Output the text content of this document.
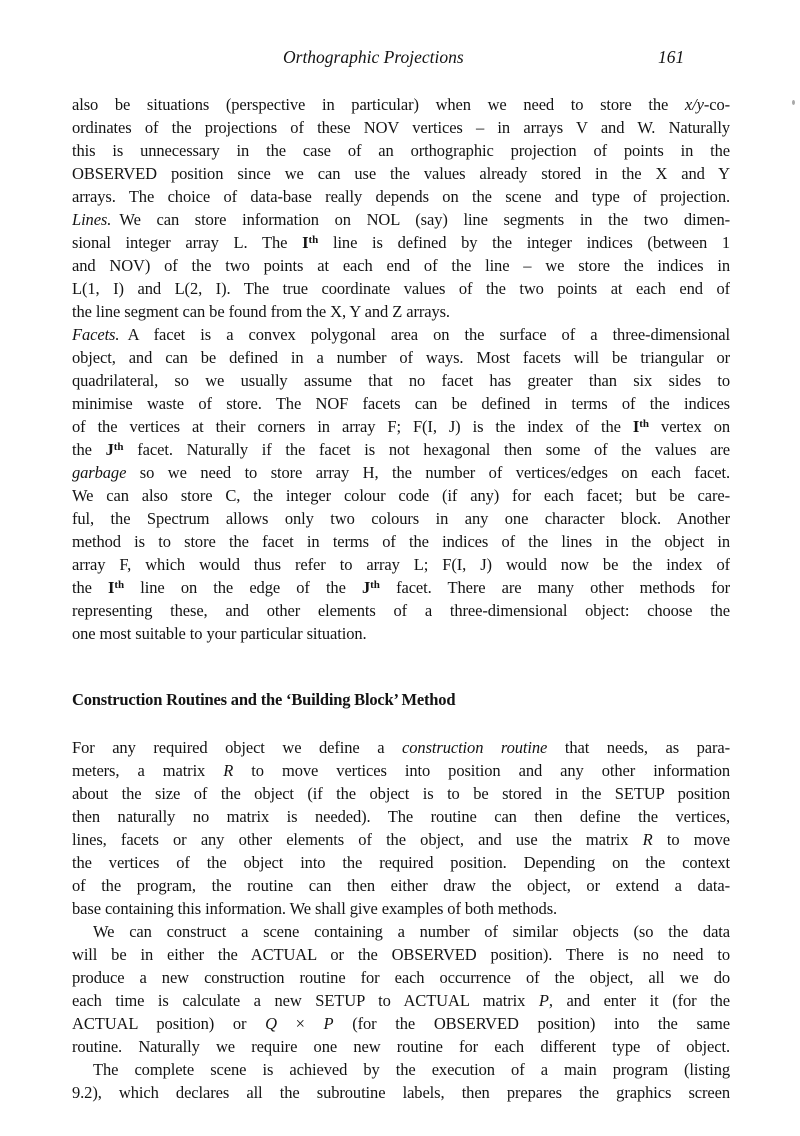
Orthographic Projections	161
also be situations (perspective in particular) when we need to store the x/y-co-
ordinates of the projections of these NOV vertices – in arrays V and W. Naturally
this is unnecessary in the case of an orthographic projection of points in the
OBSERVED position since we can use the values already stored in the X and Y
arrays. The choice of data-base really depends on the scene and type of projection.
Lines. We can store information on NOL (say) line segments in the two dimen-
sional integer array L. The Ith line is defined by the integer indices (between 1
and NOV) of the two points at each end of the line – we store the indices in
L(1, I) and L(2, I). The true coordinate values of the two points at each end of
the line segment can be found from the X, Y and Z arrays.
Facets. A facet is a convex polygonal area on the surface of a three-dimensional
object, and can be defined in a number of ways. Most facets will be triangular or
quadrilateral, so we usually assume that no facet has greater than six sides to
minimise waste of store. The NOF facets can be defined in terms of the indices
of the vertices at their corners in array F; F(I, J) is the index of the Ith vertex on
the $J^{th}$ facet. Naturally if the facet is not hexagonal then some of the values are
garbage so we need to store array H, the number of vertices/edges on each facet.
We can also store C, the integer colour code (if any) for each facet; but be care-
ful, the Spectrum allows only two colours in any one character block. Another
method is to store the facet in terms of the indices of the lines in the object in
array F, which would thus refer to array L; F(I, J) would now be the index of
the Ith line on the edge of the $J^{th}$ facet. There are many other methods for
representing these, and other elements of a three-dimensional object: choose the
one most suitable to your particular situation.
Construction Routines and the ‘Building Block’ Method
For any required object we define a construction routine that needs, as para-
meters, a matrix R to move vertices into position and any other information
about the size of the object (if the object is to be stored in the SETUP position
then naturally no matrix is needed). The routine can then define the vertices,
lines, facets or any other elements of the object, and use the matrix R to move
the vertices of the object into the required position. Depending on the context
of the program, the routine can then either draw the object, or extend a data-
base containing this information. We shall give examples of both methods.
We can construct a scene containing a number of similar objects (so the data
will be in either the ACTUAL or the OBSERVED position). There is no need to
produce a new construction routine for each occurrence of the object, all we do
each time is calculate a new SETUP to ACTUAL matrix P, and enter it (for the
ACTUAL position) or Q × P (for the OBSERVED position) into the same
routine. Naturally we require one new routine for each different type of object.
The complete scene is achieved by the execution of a main program (listing
9.2), which declares all the subroutine labels, then prepares the graphics screen
